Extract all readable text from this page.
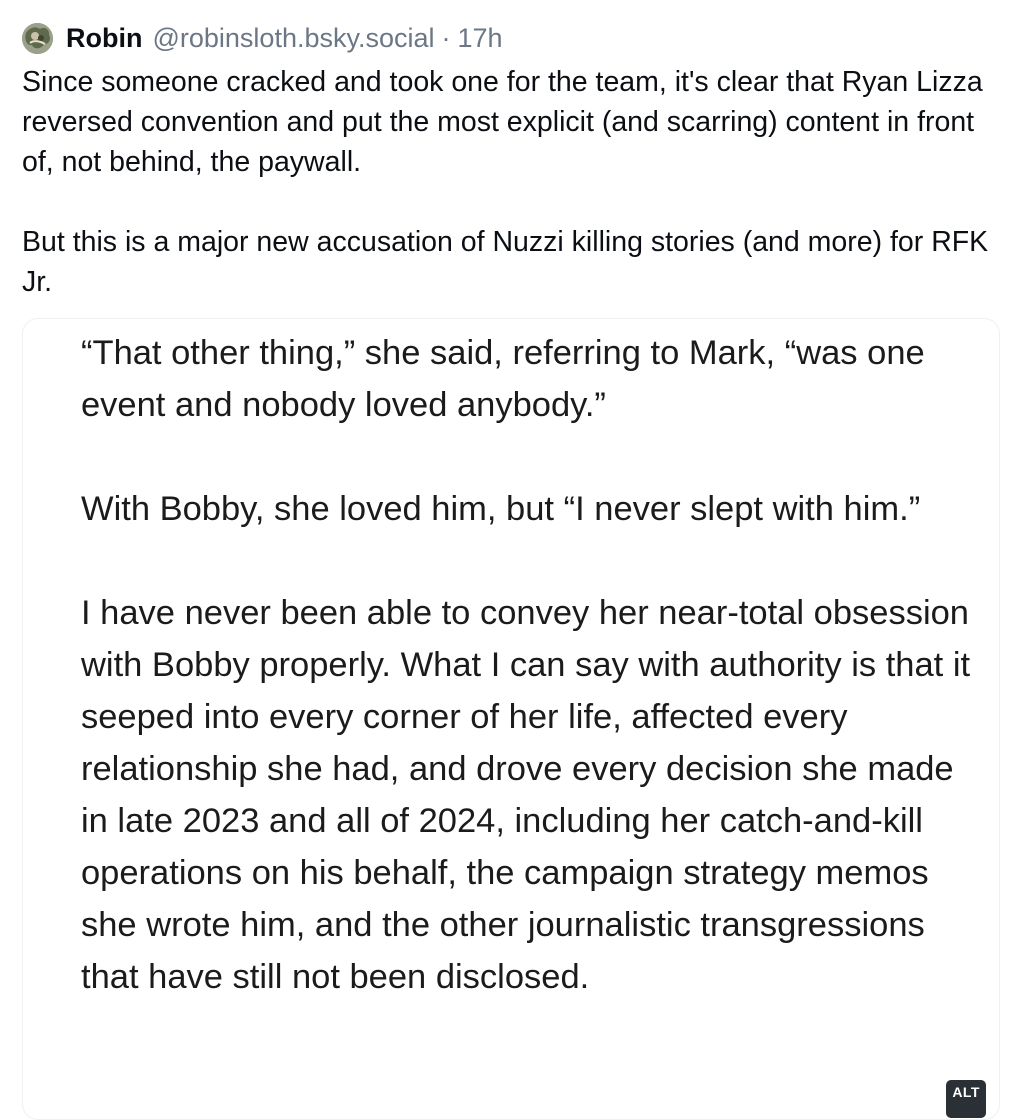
Robin @robinsloth.bsky.social · 17h

Since someone cracked and took one for the team, it's clear that Ryan Lizza reversed convention and put the most explicit (and scarring) content in front of, not behind, the paywall.

But this is a major new accusation of Nuzzi killing stories (and more) for RFK Jr.

“That other thing,” she said, referring to Mark, “was one event and nobody loved anybody.”

With Bobby, she loved him, but “I never slept with him.”

I have never been able to convey her near-total obsession with Bobby properly. What I can say with authority is that it seeped into every corner of her life, affected every relationship she had, and drove every decision she made in late 2023 and all of 2024, including her catch-and-kill operations on his behalf, the campaign strategy memos she wrote him, and the other journalistic transgressions that have still not been disclosed.

ALT
